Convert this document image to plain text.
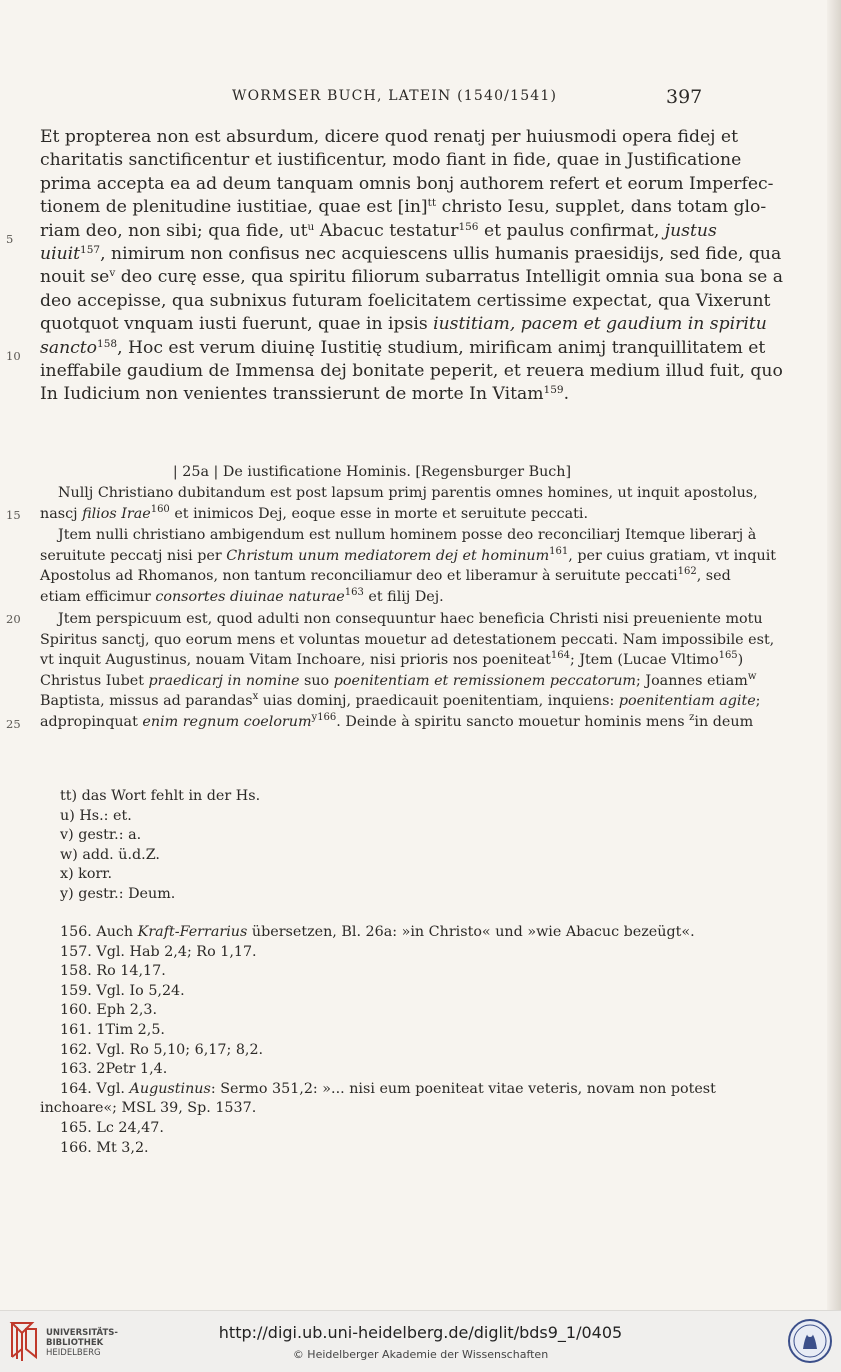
WORMSER BUCH, LATEIN (1540/1541)	397
5
10
15
20
25
Et propterea non est absurdum, dicere quod renatj per huiusmodi opera fidej et
charitatis sanctificentur et iustificentur, modo fiant in fide, quae in Justificatione
prima accepta ea ad deum tanquam omnis bonj authorem refert et eorum Imperfec-
tionem de plenitudine iustitiae, quae est [in]$^{tt}$ christo Iesu, supplet, dans totam glo-
riam deo, non sibi; qua fide, $ut^u$ Abacuc testatur$^{156}$ et paulus confirmat, justus
uiuit$^{157}$, nimirum non confisus nec acquiescens ullis humanis praesidijs, sed fide, qua
nouit $se^v$ deo curę esse, qua spiritu filiorum subarratus Intelligit omnia sua bona se a
deo accepisse, qua subnixus futuram foelicitatem certissime expectat, qua Vixerunt
quotquot vnquam iusti fuerunt, quae in ipsis iustitiam, pacem et gaudium in spiritu
sancto$^{158}$, Hoc est verum diuinę Iustitię studium, mirificam animj tranquillitatem et
ineffabile gaudium de Immensa dej bonitate peperit, et reuera medium illud fuit, quo
In Iudicium non venientes transsierunt de morte In Vitam$^{159}$.
| 25a | De iustificatione Hominis. [Regensburger Buch]
Nullj Christiano dubitandum est post lapsum primj parentis omnes homines, ut inquit apostolus,
nascj filios Irae$^{160}$ et inimicos Dej, eoque esse in morte et seruitute peccati.
Jtem nulli christiano ambigendum est nullum hominem posse deo reconciliarj Itemque liberarj à
seruitute peccatj nisi per Christum unum mediatorem dej et hominum$^{161}$, per cuius gratiam, vt inquit
Apostolus ad Rhomanos, non tantum reconciliamur deo et liberamur à seruitute peccati$^{162}$, sed
etiam efficimur consortes diuinae naturae$^{163}$ et filij Dej.
Jtem perspicuum est, quod adulti non consequuntur haec beneficia Christi nisi preueniente motu
Spiritus sanctj, quo eorum mens et voluntas mouetur ad detestationem peccati. Nam impossibile est,
vt inquit Augustinus, nouam Vitam Inchoare, nisi prioris nos poeniteat$^{164}$; Jtem (Lucae Vltimo$^{165}$)
Christus Iubet praedicarj in nomine suo poenitentiam et remissionem peccatorum; Joannes etiam$^w$
Baptista, missus ad parandas$^x$ uias dominj, praedicauit poenitentiam, inquiens: poenitentiam agite;
adpropinquat enim regnum coelorum$^{y166}$. Deinde à spiritu sancto mouetur hominis mens $^z$in deum
tt) das Wort fehlt in der Hs.
u) Hs.: et.
v) gestr.: a.
w) add. ü.d.Z.
x) korr.
y) gestr.: Deum.
156. Auch Kraft-Ferrarius übersetzen, Bl. 26a: »in Christo« und »wie Abacuc bezeügt«.
157. Vgl. Hab 2,4; Ro 1,17.
158. Ro 14,17.
159. Vgl. Io 5,24.
160. Eph 2,3.
161. 1Tim 2,5.
162. Vgl. Ro 5,10; 6,17; 8,2.
163. 2Petr 1,4.
164. Vgl. Augustinus: Sermo 351,2: »... nisi eum poeniteat vitae veteris, novam non potest
inchoare«; MSL 39, Sp. 1537.
165. Lc 24,47.
166. Mt 3,2.
UNIVERSITÄTS-
BIBLIOTHEK
HEIDELBERG
http://digi.ub.uni-heidelberg.de/diglit/bds9_1/0405
© Heidelberger Akademie der Wissenschaften
